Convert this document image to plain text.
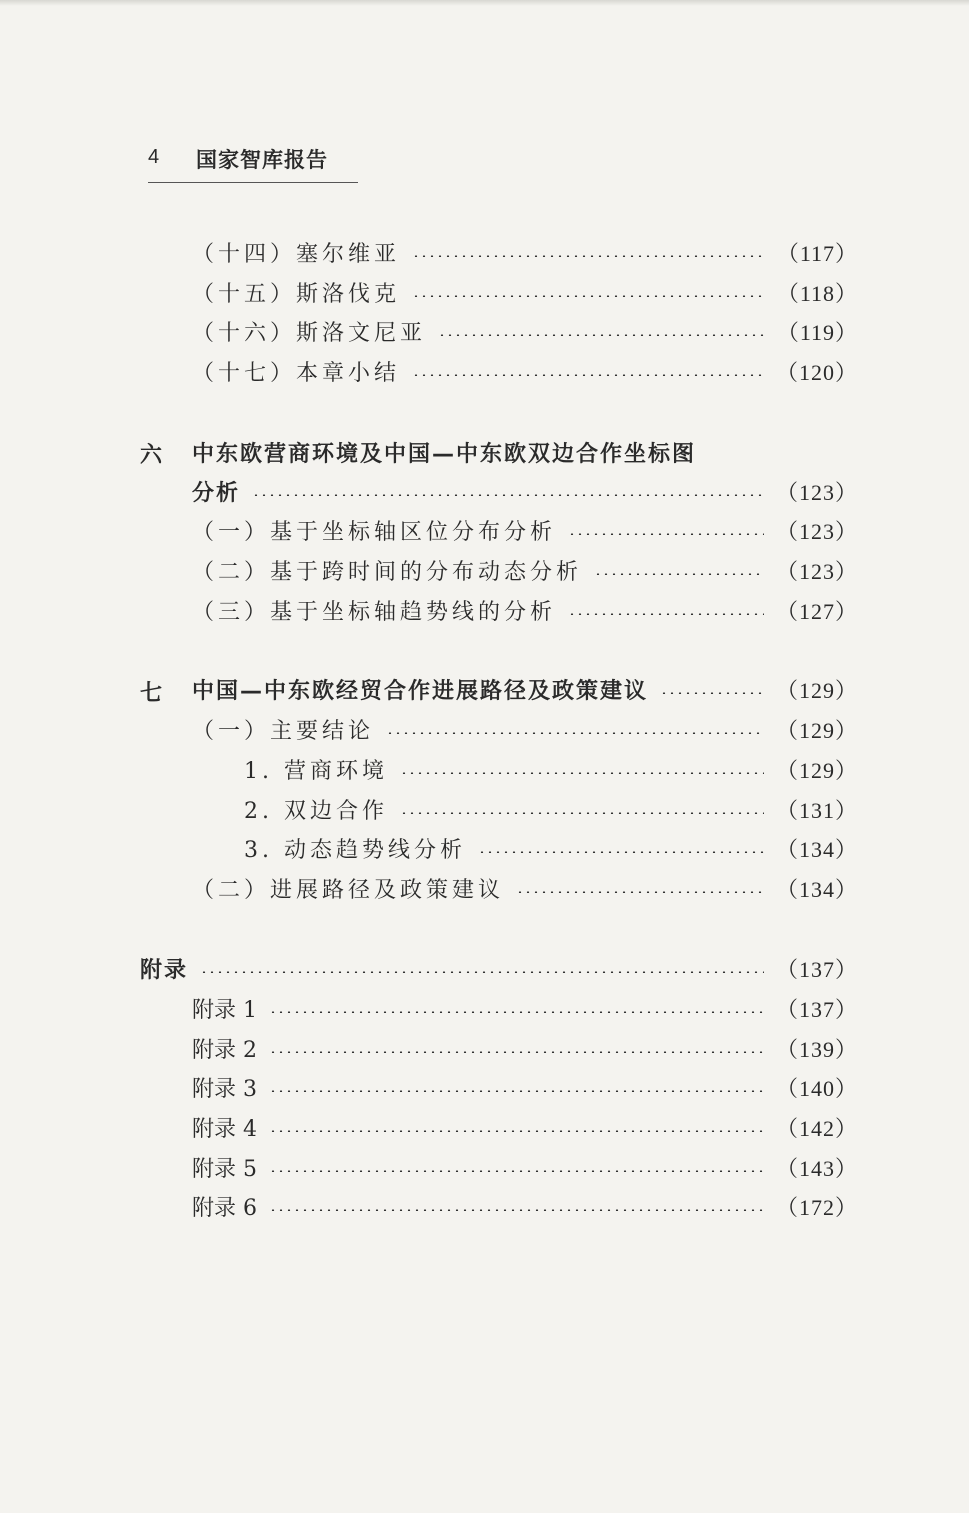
4 国家智库报告
（十四）塞尔维亚	（117）
（十五）斯洛伐克	（118）
（十六）斯洛文尼亚	（119）
（十七）本章小结	（120）
六 中东欧营商环境及中国—中东欧双边合作坐标图
分析	（123）
（一）基于坐标轴区位分布分析	（123）
（二）基于跨时间的分布动态分析	（123）
（三）基于坐标轴趋势线的分析	（127）
七 中国—中东欧经贸合作进展路径及政策建议	（129）
（一）主要结论	（129）
1. 营商环境	（129）
2. 双边合作	（131）
3. 动态趋势线分析	（134）
（二）进展路径及政策建议	（134）
附录	（137）
附录 1	（137）
附录 2	（139）
附录 3	（140）
附录 4	（142）
附录 5	（143）
附录 6	（172）
